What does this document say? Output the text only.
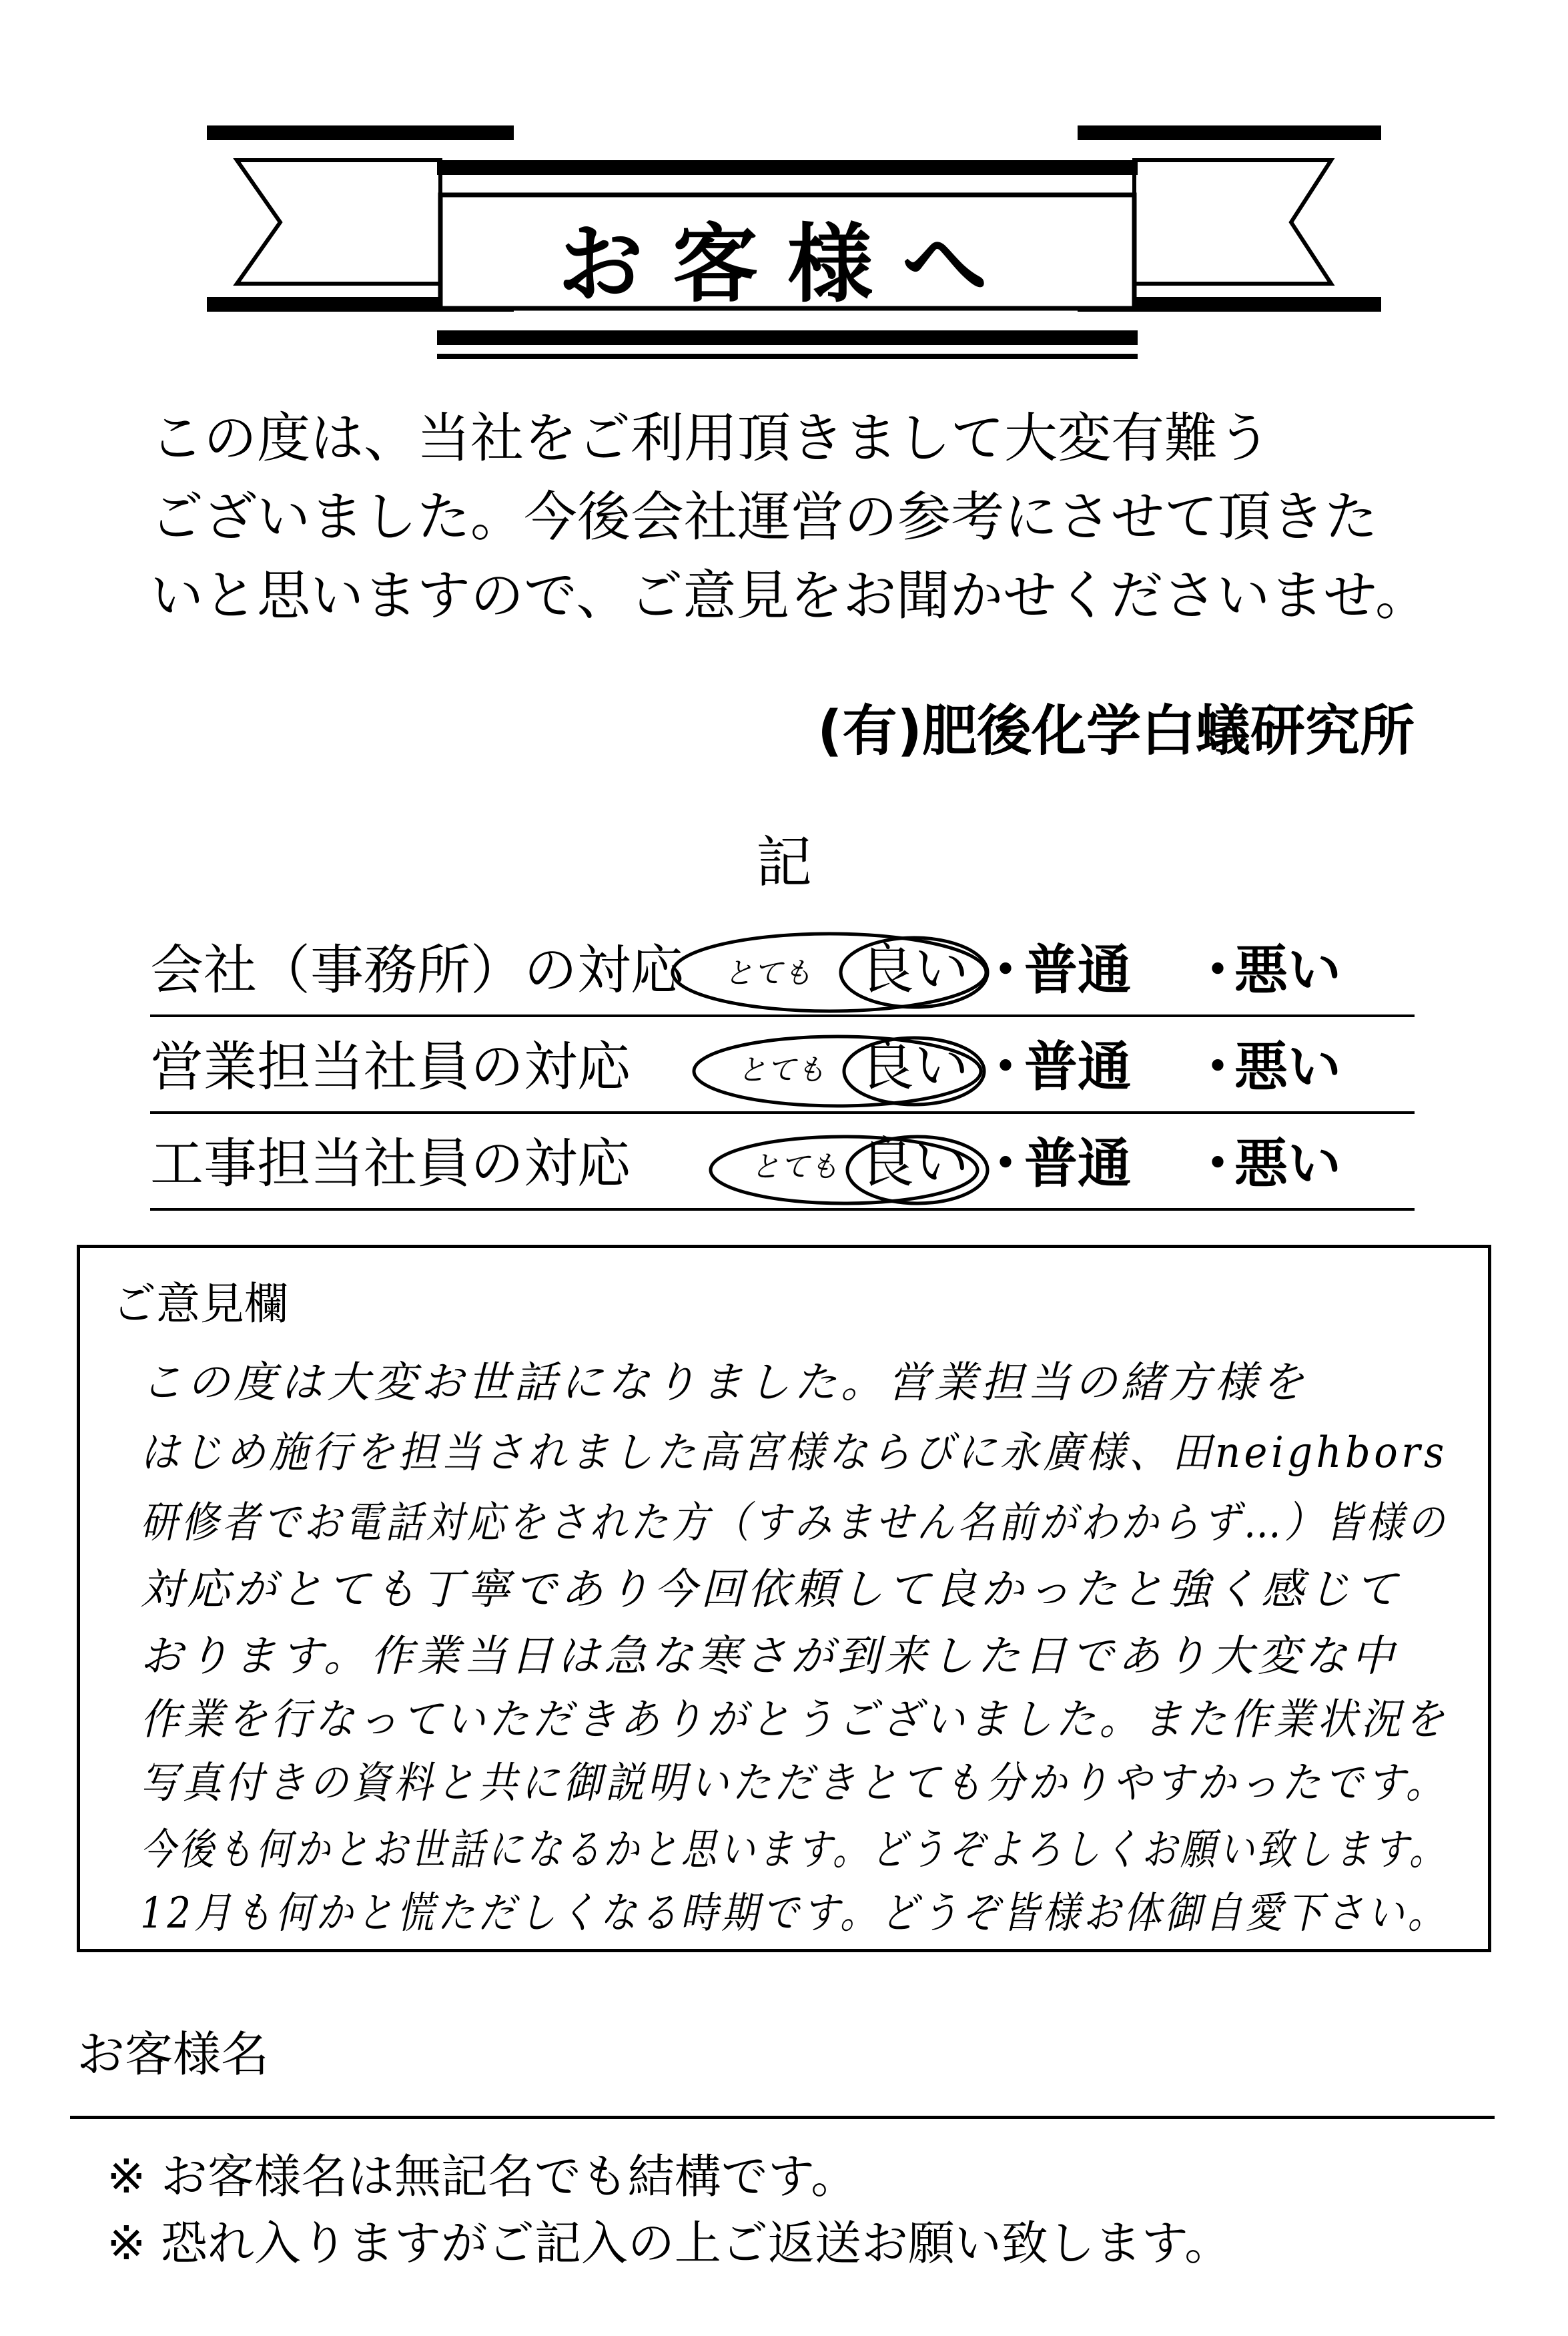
お客様へ
この度は、当社をご利用頂きまして大変有難う
ございました。今後会社運営の参考にさせて頂きた
いと思いますので、ご意見をお聞かせくださいませ。
(有)肥後化学白蟻研究所
記
会社（事務所）の対応 とても 良い ・
普通 ・
悪い
営業担当社員の対応	とても 良い ・
普通 ・
悪い
工事担当社員の対応	とても 良い ・
普通 ・
悪い
ご意見欄
この度は大変お世話になりました。営業担当の緒方様を
はじめ施行を担当されました高宮様ならびに永廣様、田neighbors
研修者でお電話対応をされた方（すみません名前がわからず…）皆様の
対応がとても丁寧であり今回依頼して良かったと強く感じて
おります。作業当日は急な寒さが到来した日であり大変な中
作業を行なっていただきありがとうございました。また作業状況を
写真付きの資料と共に御説明いただきとても分かりやすかったです。
今後も何かとお世話になるかと思います。どうぞよろしくお願い致します。
12月も何かと慌ただしくなる時期です。どうぞ皆様お体御自愛下さい。
お客様名
※ お客様名は無記名でも結構です。
※ 恐れ入りますがご記入の上ご返送お願い致します。
